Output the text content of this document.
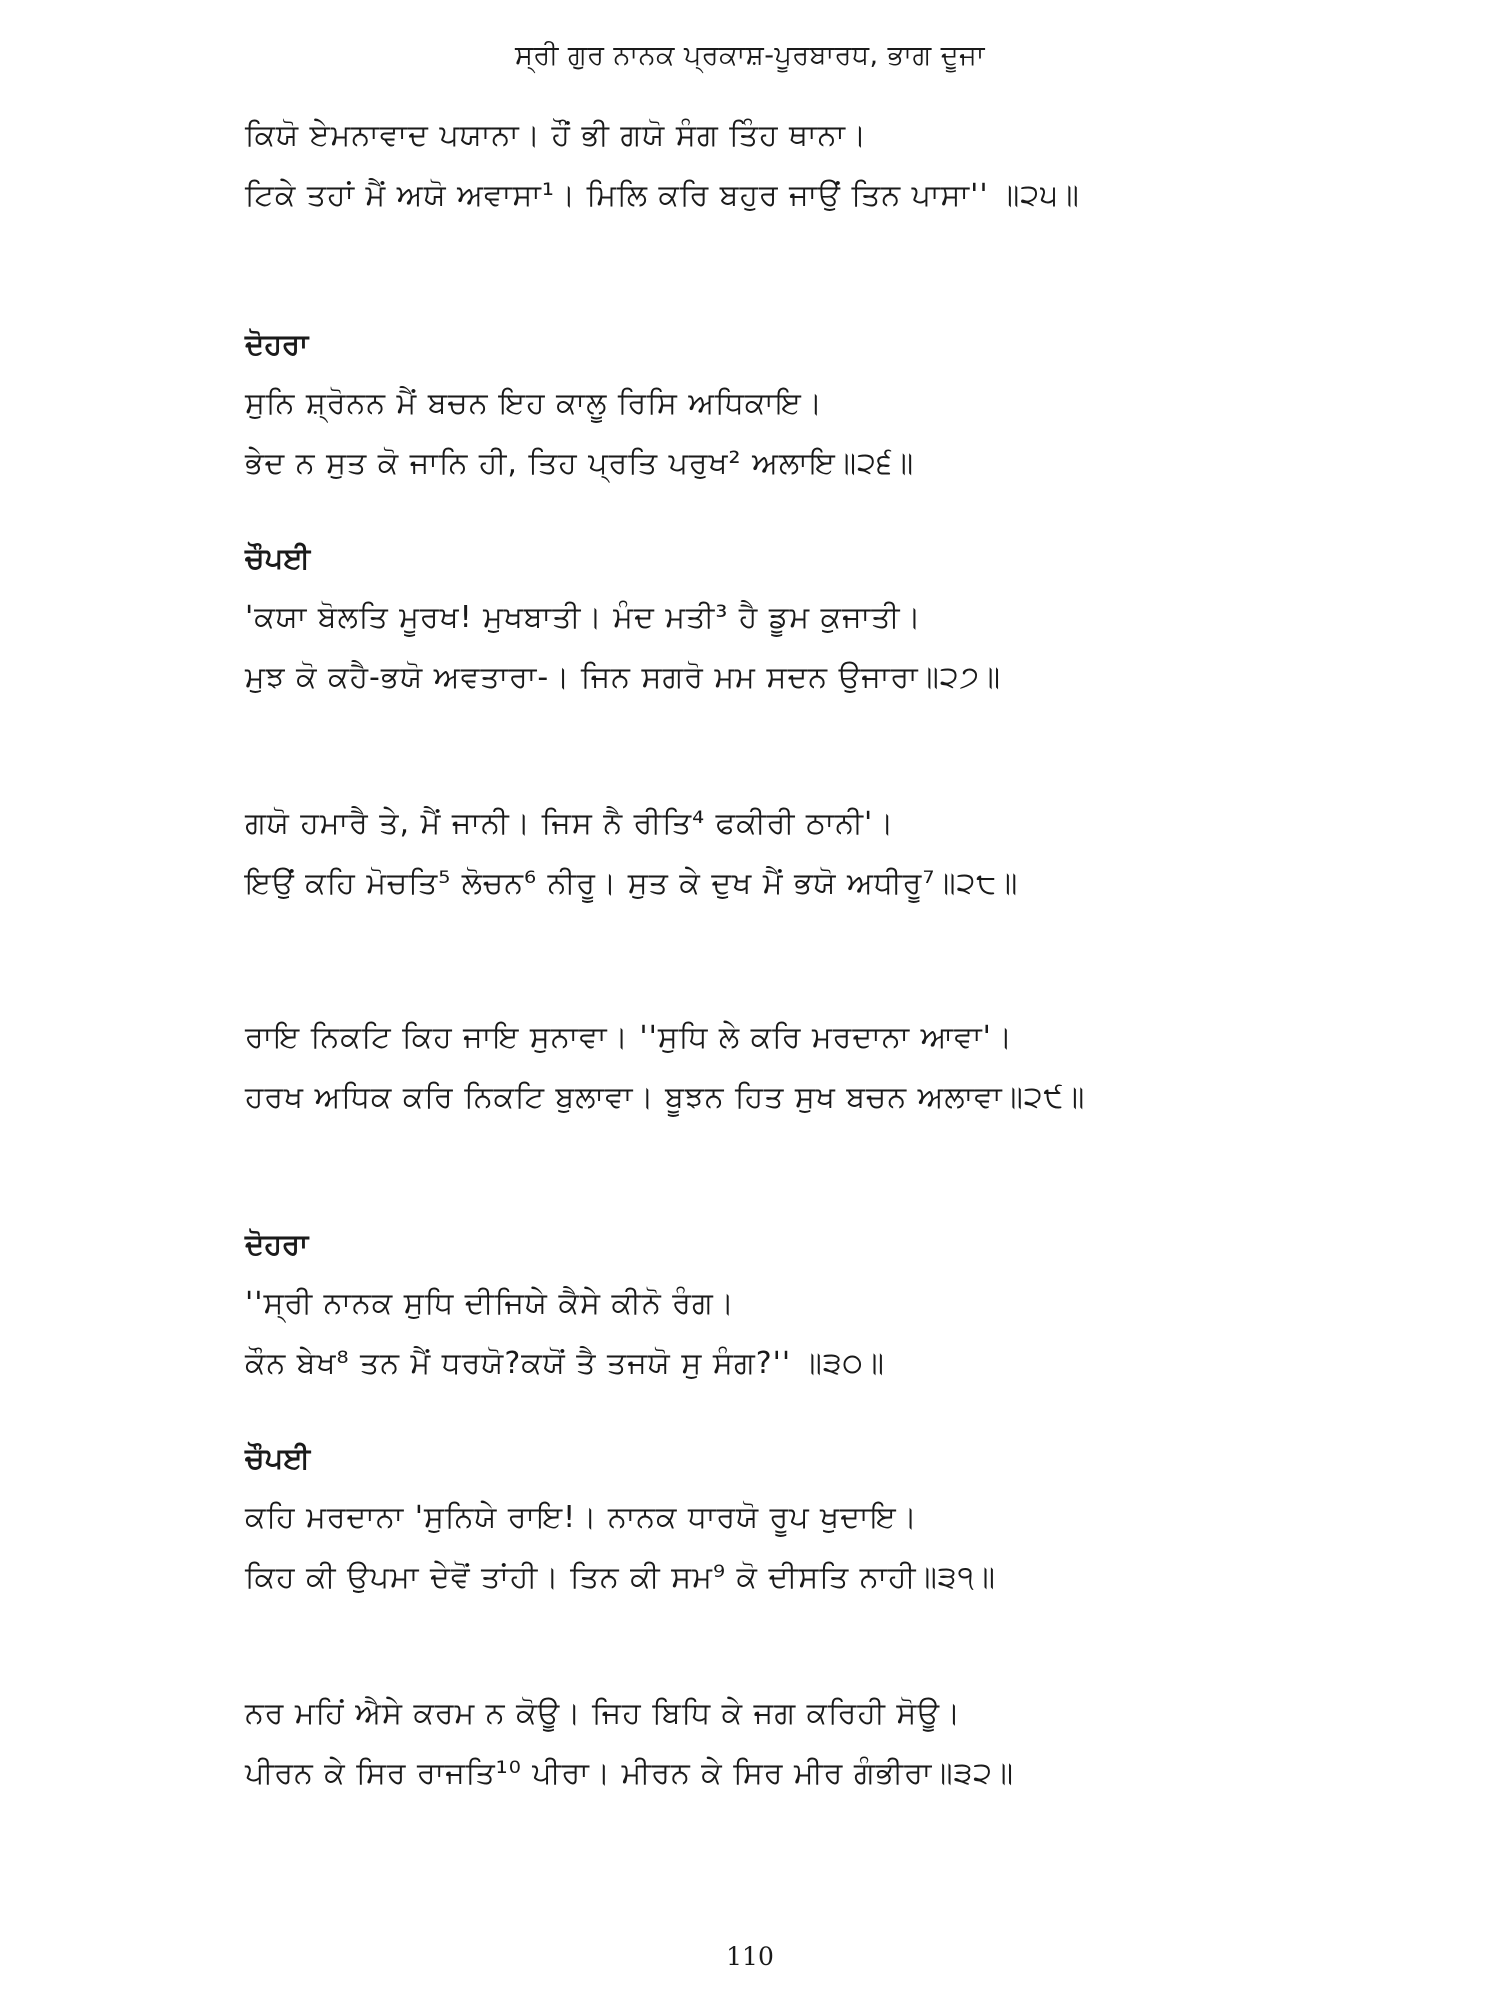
ਸ੍ਰੀ ਗੁਰ ਨਾਨਕ ਪ੍ਰਕਾਸ਼-ਪੂਰਬਾਰਧ, ਭਾਗ ਦੂਜਾ
ਕਿਯੋ ਏਮਨਾਵਾਦ ਪਯਾਨਾ। ਹੌਂ ਭੀ ਗਯੋ ਸੰਗ ਤਿੰਹ ਥਾਨਾ।
ਟਿਕੇ ਤਹਾਂ ਮੈਂ ਅਯੋ ਅਵਾਸਾ¹। ਮਿਲਿ ਕਰਿ ਬਹੁਰ ਜਾਉਂ ਤਿਨ ਪਾਸਾ'' ॥੨੫॥
ਦੋਹਰਾ
ਸੁਨਿ ਸ਼੍ਰੋਨਨ ਮੈਂ ਬਚਨ ਇਹ ਕਾਲੂ ਰਿਸਿ ਅਧਿਕਾਇ।
ਭੇਦ ਨ ਸੁਤ ਕੋ ਜਾਨਿ ਹੀ, ਤਿਹ ਪ੍ਰਤਿ ਪਰੁਖ² ਅਲਾਇ॥੨੬॥
ਚੌਪਈ
'ਕਯਾ ਬੋਲਤਿ ਮੂਰਖ! ਮੁਖਬਾਤੀ। ਮੰਦ ਮਤੀ³ ਹੈ ਡੂਮ ਕੁਜਾਤੀ।
ਮੁਝ ਕੋ ਕਹੈ-ਭਯੋ ਅਵਤਾਰਾ-। ਜਿਨ ਸਗਰੋ ਮਮ ਸਦਨ ਉਜਾਰਾ॥੨੭॥
ਗਯੋ ਹਮਾਰੈ ਤੇ, ਮੈਂ ਜਾਨੀ। ਜਿਸ ਨੈ ਰੀਤਿ⁴ ਫਕੀਰੀ ਠਾਨੀ'।
ਇਉਂ ਕਹਿ ਮੋਚਤਿ⁵ ਲੋਚਨ⁶ ਨੀਰੂ। ਸੁਤ ਕੇ ਦੁਖ ਮੈਂ ਭਯੋ ਅਧੀਰੂ⁷॥੨੮॥
ਰਾਇ ਨਿਕਟਿ ਕਿਹ ਜਾਇ ਸੁਨਾਵਾ। ''ਸੁਧਿ ਲੇ ਕਰਿ ਮਰਦਾਨਾ ਆਵਾ'।
ਹਰਖ ਅਧਿਕ ਕਰਿ ਨਿਕਟਿ ਬੁਲਾਵਾ। ਬੂਝਨ ਹਿਤ ਸੁਖ ਬਚਨ ਅਲਾਵਾ॥੨੯॥
ਦੋਹਰਾ
''ਸ੍ਰੀ ਨਾਨਕ ਸੁਧਿ ਦੀਜਿਯੇ ਕੈਸੇ ਕੀਨੋ ਰੰਗ।
ਕੌਨ ਬੇਖ⁸ ਤਨ ਮੈਂ ਧਰਯੋ?ਕਯੋਂ ਤੈ ਤਜਯੋ ਸੁ ਸੰਗ?'' ॥੩੦॥
ਚੌਪਈ
ਕਹਿ ਮਰਦਾਨਾ 'ਸੁਨਿਯੇ ਰਾਇ!। ਨਾਨਕ ਧਾਰਯੋ ਰੂਪ ਖੁਦਾਇ।
ਕਿਹ ਕੀ ਉਪਮਾ ਦੇਵੋਂ ਤਾਂਹੀ। ਤਿਨ ਕੀ ਸਮ⁹ ਕੋ ਦੀਸਤਿ ਨਾਹੀ॥੩੧॥
ਨਰ ਮਹਿਂ ਐਸੇ ਕਰਮ ਨ ਕੋਊ। ਜਿਹ ਬਿਧਿ ਕੇ ਜਗ ਕਰਿਹੀ ਸੋਊ।
ਪੀਰਨ ਕੇ ਸਿਰ ਰਾਜਤਿ¹⁰ ਪੀਰਾ। ਮੀਰਨ ਕੇ ਸਿਰ ਮੀਰ ਗੰਭੀਰਾ॥੩੨॥
110
